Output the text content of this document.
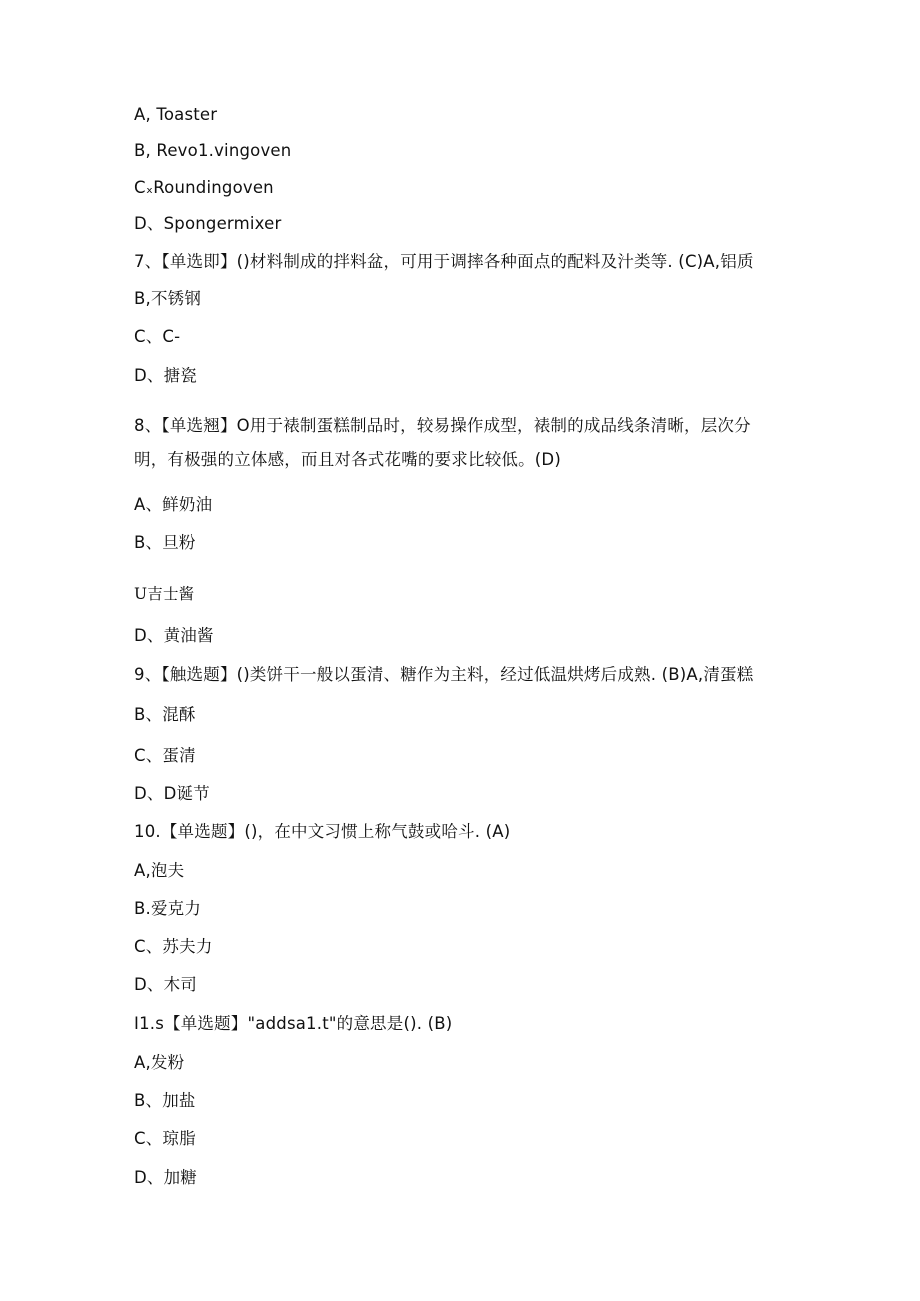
A, Toaster
B, Revo1.vingoven
CₓRoundingoven
D、Spongermixer
7、【单选即】()材料制成的拌料盆，可用于调摔各种面点的配料及汁类等. (C)A,铝质
B,不锈钢
C、C-
D、搪瓷
8、【单选翘】O用于裱制蛋糕制品时，较易操作成型，裱制的成品线条清晰，层次分明，有极强的立体感，而且对各式花嘴的要求比较低。(D)
A、鲜奶油
B、旦粉
U吉士酱
D、黄油酱
9、【触选题】()类饼干一般以蛋清、糖作为主料，经过低温烘烤后成熟. (B)A,清蛋糕
B、混酥
C、蛋清
D、D诞节
10.【单选题】()，在中文习惯上称气鼓或哈斗. (A)
A,泡夫
B.爱克力
C、苏夫力
D、木司
I1.s【单选题】"addsa1.t"的意思是(). (B)
A,发粉
B、加盐
C、琼脂
D、加糖
